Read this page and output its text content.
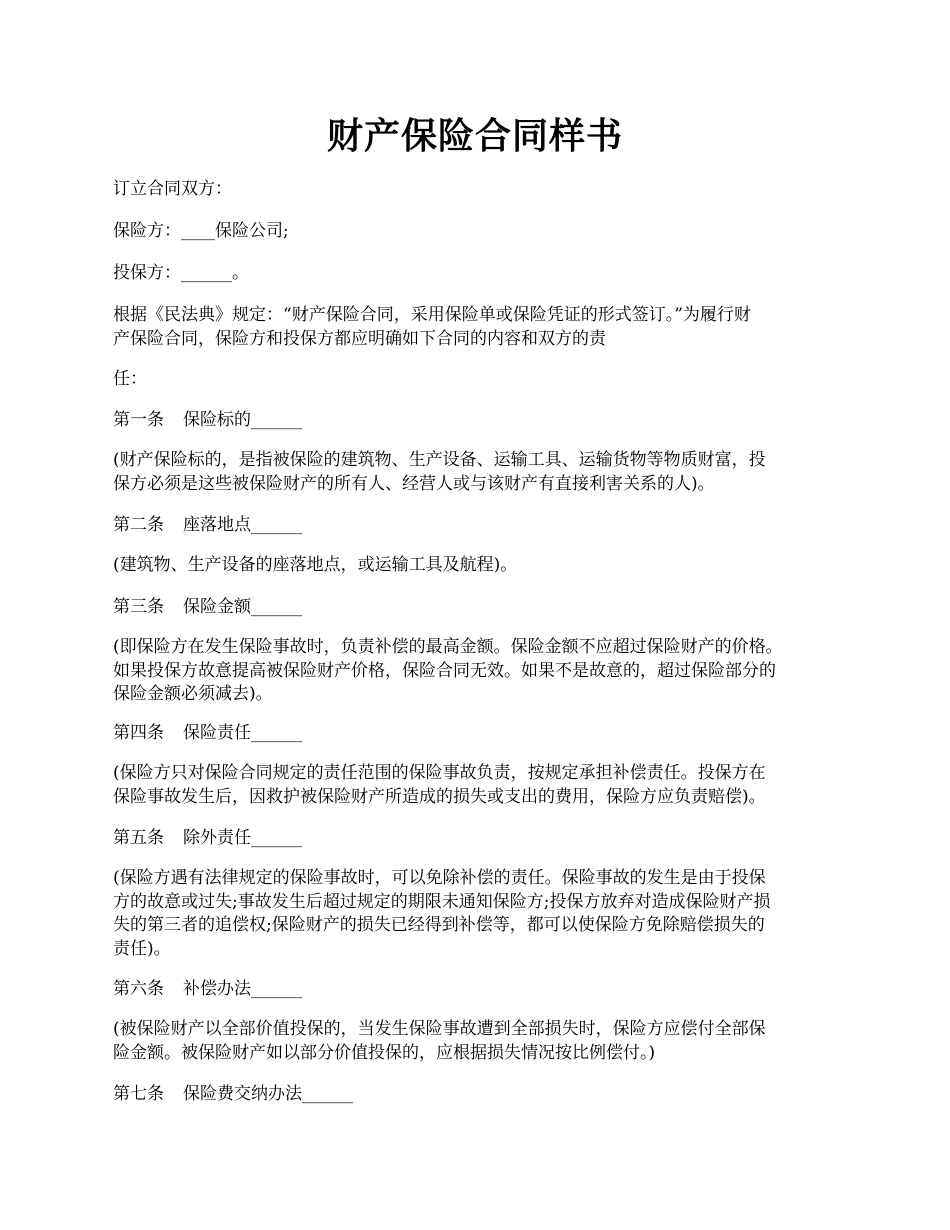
财产保险合同样书

订立合同双方：

保险方：____保险公司;

投保方：______。

根据《民法典》规定：“财产保险合同，采用保险单或保险凭证的形式签订。”为履行财
产保险合同，保险方和投保方都应明确如下合同的内容和双方的责

任：

第一条 保险标的______

(财产保险标的，是指被保险的建筑物、生产设备、运输工具、运输货物等物质财富，投
保方必须是这些被保险财产的所有人、经营人或与该财产有直接利害关系的人)。

第二条 座落地点______

(建筑物、生产设备的座落地点，或运输工具及航程)。

第三条 保险金额______

(即保险方在发生保险事故时，负责补偿的最高金额。保险金额不应超过保险财产的价格。
如果投保方故意提高被保险财产价格，保险合同无效。如果不是故意的，超过保险部分的
保险金额必须减去)。

第四条 保险责任______

(保险方只对保险合同规定的责任范围的保险事故负责，按规定承担补偿责任。投保方在
保险事故发生后，因救护被保险财产所造成的损失或支出的费用，保险方应负责赔偿)。

第五条 除外责任______

(保险方遇有法律规定的保险事故时，可以免除补偿的责任。保险事故的发生是由于投保
方的故意或过失;事故发生后超过规定的期限未通知保险方;投保方放弃对造成保险财产损
失的第三者的追偿权;保险财产的损失已经得到补偿等，都可以使保险方免除赔偿损失的
责任)。

第六条 补偿办法______

(被保险财产以全部价值投保的，当发生保险事故遭到全部损失时，保险方应偿付全部保
险金额。被保险财产如以部分价值投保的，应根据损失情况按比例偿付。)

第七条 保险费交纳办法______
